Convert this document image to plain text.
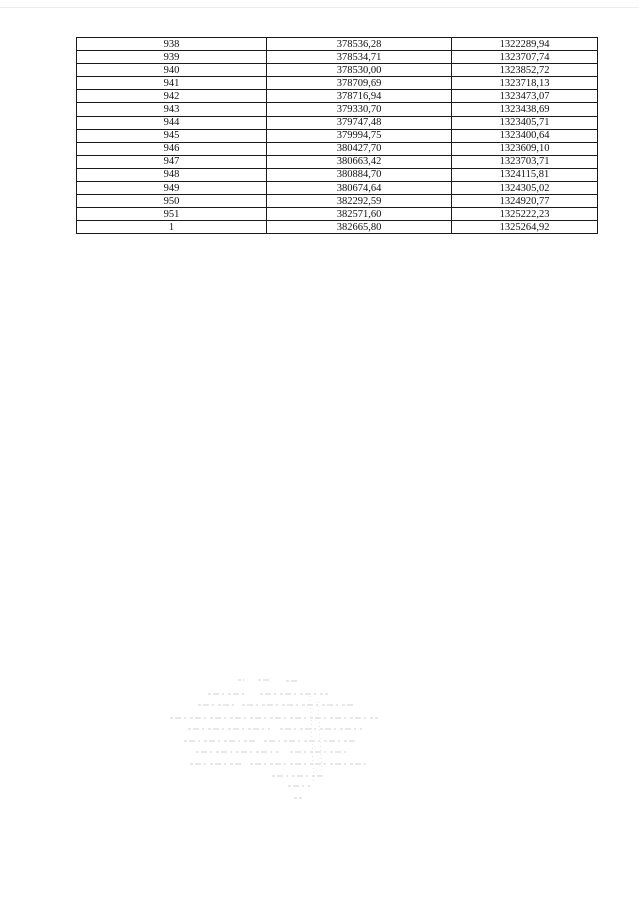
938	378536,28	1322289,94
939	378534,71	1323707,74
940	378530,00	1323852,72
941	378709,69	1323718,13
942	378716,94	1323473,07
943	379330,70	1323438,69
944	379747,48	1323405,71
945	379994,75	1323400,64
946	380427,70	1323609,10
947	380663,42	1323703,71
948	380884,70	1324115,81
949	380674,64	1324305,02
950	382292,59	1324920,77
951	382571,60	1325222,23
1	382665,80	1325264,92
